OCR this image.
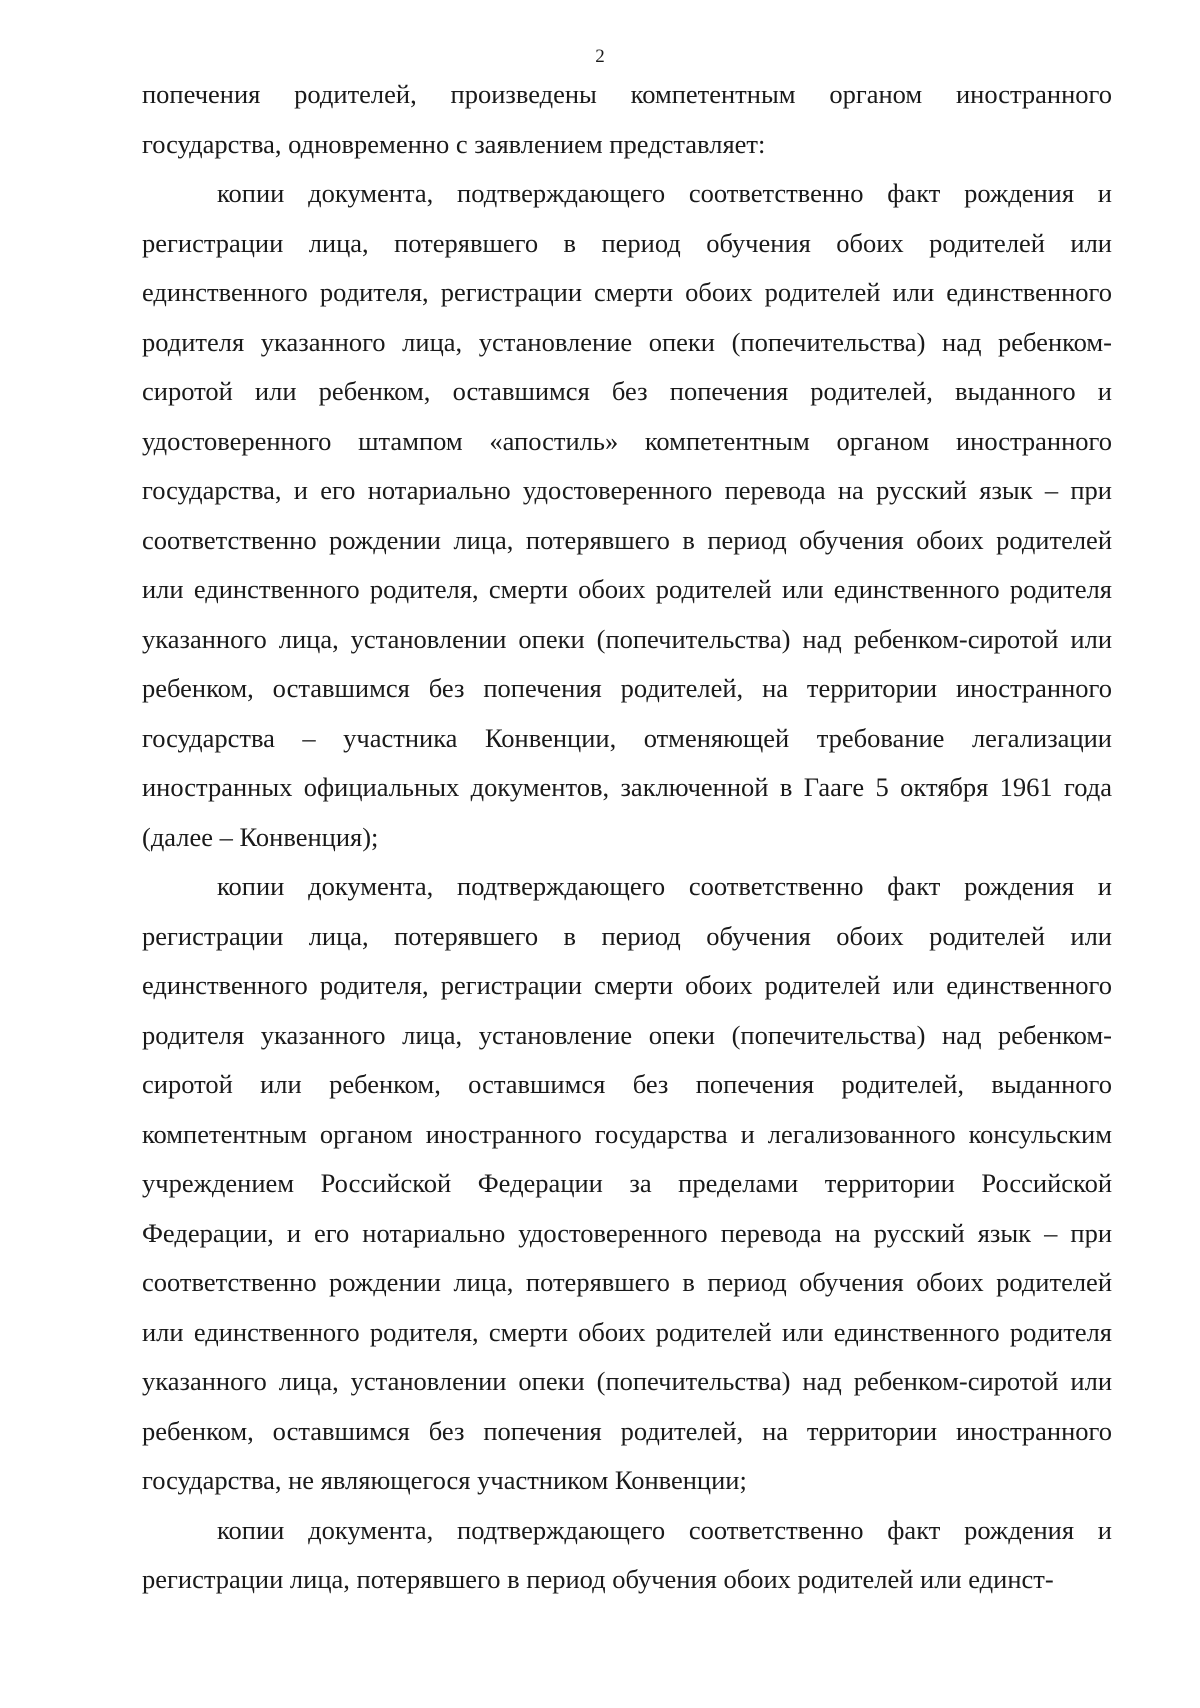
2

попечения родителей, произведены компетентным органом иностранного государства, одновременно с заявлением представляет:

копии документа, подтверждающего соответственно факт рождения и регистрации лица, потерявшего в период обучения обоих родителей или единственного родителя, регистрации смерти обоих родителей или единственного родителя указанного лица, установление опеки (попечительства) над ребенком-сиротой или ребенком, оставшимся без попечения родителей, выданного и удостоверенного штампом «апостиль» компетентным органом иностранного государства, и его нотариально удостоверенного перевода на русский язык – при соответственно рождении лица, потерявшего в период обучения обоих родителей или единственного родителя, смерти обоих родителей или единственного родителя указанного лица, установлении опеки (попечительства) над ребенком-сиротой или ребенком, оставшимся без попечения родителей, на территории иностранного государства – участника Конвенции, отменяющей требование легализации иностранных официальных документов, заключенной в Гааге 5 октября 1961 года (далее – Конвенция);

копии документа, подтверждающего соответственно факт рождения и регистрации лица, потерявшего в период обучения обоих родителей или единственного родителя, регистрации смерти обоих родителей или единственного родителя указанного лица, установление опеки (попечительства) над ребенком-сиротой или ребенком, оставшимся без попечения родителей, выданного компетентным органом иностранного государства и легализованного консульским учреждением Российской Федерации за пределами территории Российской Федерации, и его нотариально удостоверенного перевода на русский язык – при соответственно рождении лица, потерявшего в период обучения обоих родителей или единственного родителя, смерти обоих родителей или единственного родителя указанного лица, установлении опеки (попечительства) над ребенком-сиротой или ребенком, оставшимся без попечения родителей, на территории иностранного государства, не являющегося участником Конвенции;

копии документа, подтверждающего соответственно факт рождения и регистрации лица, потерявшего в период обучения обоих родителей или единст-
